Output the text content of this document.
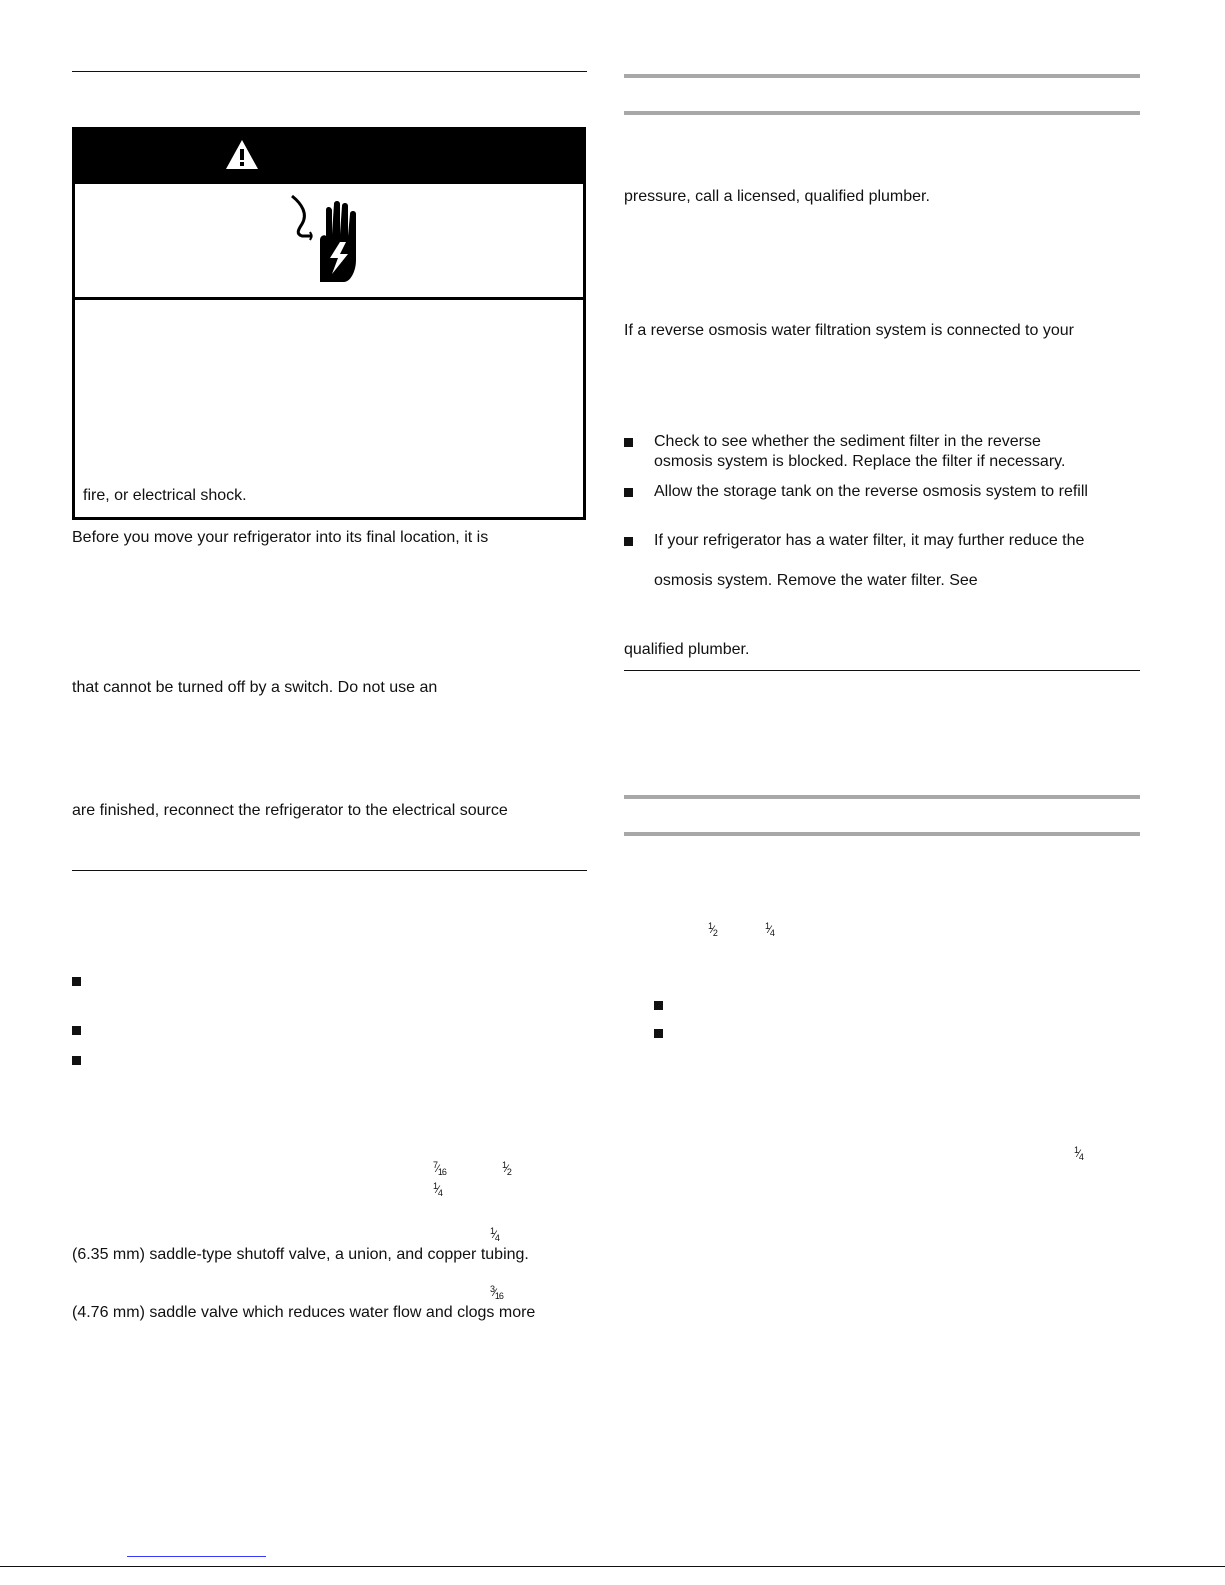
fire, or electrical shock.
Before you move your refrigerator into its final location, it is
that cannot be turned off by a switch. Do not use an
are finished, reconnect the refrigerator to the electrical source
$^7⁄_{16}$
$^1⁄_2$
$^1⁄_4$
$^1⁄_4$
(6.35 mm) saddle-type shutoff valve, a union, and copper tubing.
$^3⁄_{16}$
(4.76 mm) saddle valve which reduces water flow and clogs more
pressure, call a licensed, qualified plumber.
If a reverse osmosis water filtration system is connected to your
Check to see whether the sediment filter in the reverse
osmosis system is blocked. Replace the filter if necessary.
Allow the storage tank on the reverse osmosis system to refill
If your refrigerator has a water filter, it may further reduce the
osmosis system. Remove the water filter. See
qualified plumber.
$^1⁄_2$
$^1⁄_4$
$^1⁄_4$
